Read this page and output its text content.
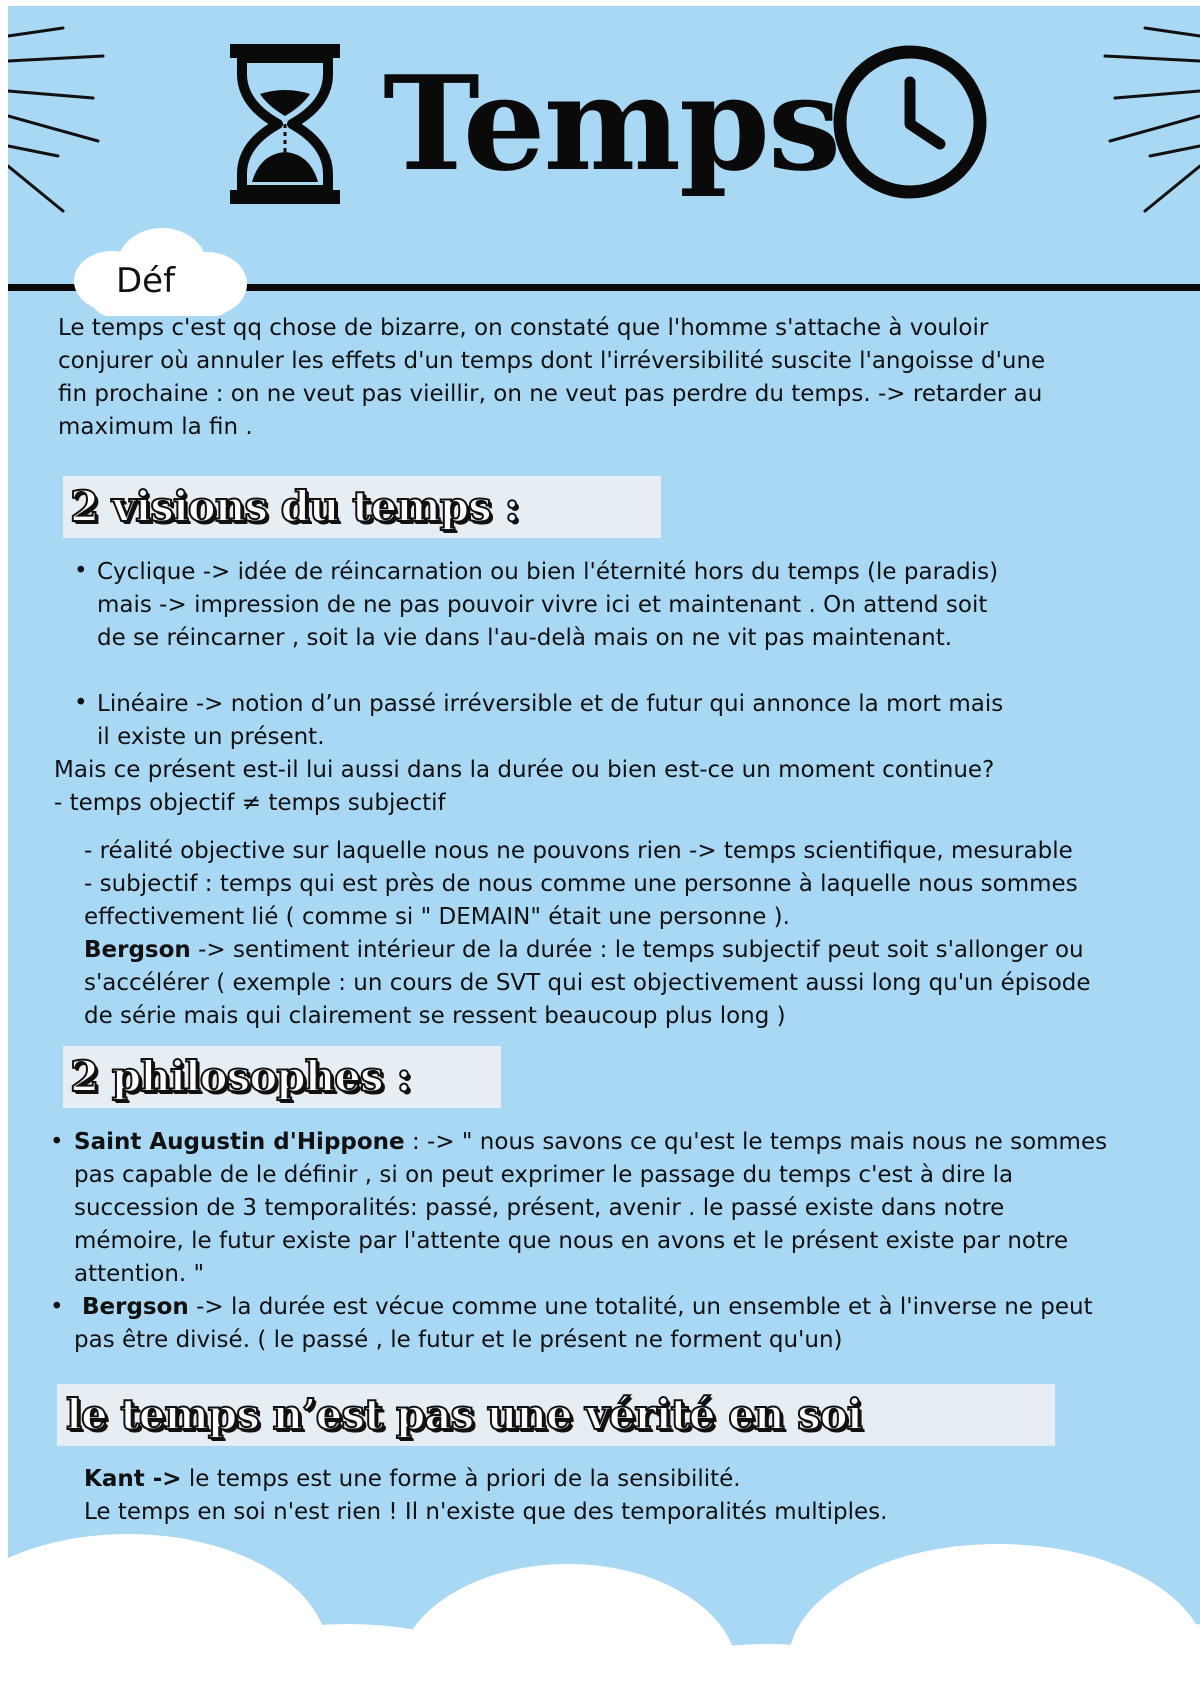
Temps
Déf
Le temps c'est qq chose de bizarre, on constaté que l'homme s'attache à vouloir
conjurer où annuler les effets d'un temps dont l'irréversibilité suscite l'angoisse d'une
fin prochaine : on ne veut pas vieillir, on ne veut pas perdre du temps. -> retarder au
maximum la fin .
2 visions du temps :
• Cyclique -> idée de réincarnation ou bien l'éternité hors du temps (le paradis)
mais -> impression de ne pas pouvoir vivre ici et maintenant . On attend soit
de se réincarner , soit la vie dans l'au-delà mais on ne vit pas maintenant.
• Linéaire -> notion d’un passé irréversible et de futur qui annonce la mort mais
il existe un présent.
Mais ce présent est-il lui aussi dans la durée ou bien est-ce un moment continue?
- temps objectif ≠ temps subjectif
- réalité objective sur laquelle nous ne pouvons rien -> temps scientifique, mesurable
- subjectif : temps qui est près de nous comme une personne à laquelle nous sommes
effectivement lié ( comme si " DEMAIN" était une personne ).
Bergson -> sentiment intérieur de la durée : le temps subjectif peut soit s'allonger ou
s'accélérer ( exemple : un cours de SVT qui est objectivement aussi long qu'un épisode
de série mais qui clairement se ressent beaucoup plus long )
2 philosophes :
• Saint Augustin d'Hippone : -> " nous savons ce qu'est le temps mais nous ne sommes
pas capable de le définir , si on peut exprimer le passage du temps c'est à dire la
succession de 3 temporalités: passé, présent, avenir . le passé existe dans notre
mémoire, le futur existe par l'attente que nous en avons et le présent existe par notre
attention. "
• Bergson -> la durée est vécue comme une totalité, un ensemble et à l'inverse ne peut
pas être divisé. ( le passé , le futur et le présent ne forment qu'un)
le temps n’est pas une vérité en soi
Kant -> le temps est une forme à priori de la sensibilité.
Le temps en soi n'est rien ! Il n'existe que des temporalités multiples.
